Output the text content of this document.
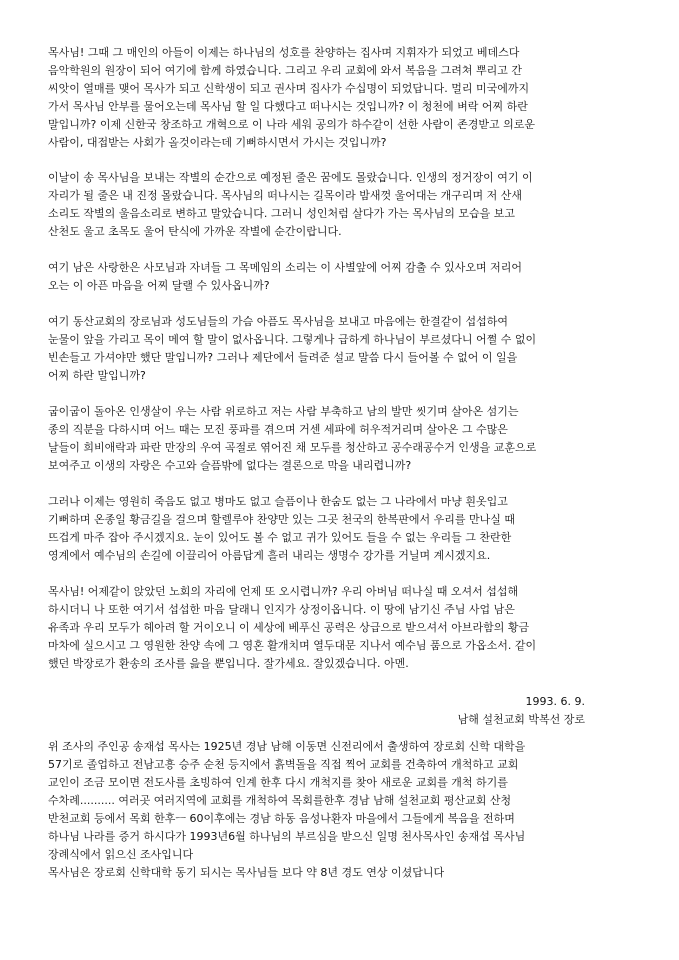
목사님! 그때 그 매인의 아들이 이제는 하나님의 성호를 찬양하는 집사며 지휘자가 되었고 베데스다
음악학원의 원장이 되어 여기에 함께 하였습니다. 그리고 우리 교회에 와서 복음을 그려쳐 뿌리고 간
씨앗이 열매를 맺어 목사가 되고 신학생이 되고 권사며 집사가 수십명이 되었답니다. 멀리 미국에까지
가서 목사님 안부를 물어오는데 목사님 할 일 다했다고 떠나시는 것입니까? 이 청천에 벼락 어찌 하란
말입니까? 이제 신한국 창조하고 개혁으로 이 나라 세워 공의가 하수같이 선한 사람이 존경받고 의로운
사람이, 대접받는 사회가 올것이라는데 기뻐하시면서 가시는 것입니까?
이날이 송 목사님을 보내는 작별의 순간으로 예정된 줄은 꿈에도 몰랐습니다. 인생의 정거장이 여기 이
자리가 될 줄은 내 진정 몰랐습니다. 목사님의 떠나시는 길목이라 밤새껏 울어대는 개구리며 저 산새
소리도 작별의 울음소리로 변하고 말았습니다. 그러니 성인처럼 살다가 가는 목사님의 모습을 보고
산천도 울고 초목도 울어 탄식에 가까운 작별에 순간이랍니다.
여기 남은 사랑한은 사모님과 자녀들 그 목메임의 소리는 이 사별앞에 어찌 감출 수 있사오며 저리어
오는 이 아픈 마음을 어찌 달랠 수 있사옵니까?
여기 동산교회의 장로님과 성도님들의 가슴 아픔도 목사님을 보내고 마음에는 한결같이 섭섭하여
눈물이 앞을 가리고 목이 메여 할 말이 없사옵니다. 그렇게나 급하게 하나님이 부르셨다니 어쩔 수 없이
빈손들고 가셔야만 했단 말입니까? 그러나 제단에서 들려준 설교 말씀 다시 들어볼 수 없어 이 일을
어찌 하란 말입니까?
굽이굽이 돌아온 인생살이 우는 사람 위로하고 저는 사람 부축하고 남의 발만 씻기며 살아온 섬기는
종의 직분을 다하시며 어느 때는 모진 풍파를 겪으며 거센 세파에 허우적거리며 살아온 그 수많은
날들이 희비애락과 파란 만장의 우여 곡절로 엮어진 채 모두를 청산하고 공수래공수거 인생을 교훈으로
보여주고 이생의 자랑은 수고와 슬픔밖에 없다는 결론으로 막을 내리렵니까?
그러나 이제는 영원히 죽음도 없고 병마도 없고 슬픔이나 한숨도 없는 그 나라에서 마냥 흰옷입고
기뻐하며 온종일 황금길을 걸으며 할렐루야 찬양만 있는 그곳 천국의 한복판에서 우리를 만나실 때
뜨겁게 마주 잡아 주시겠지요. 눈이 있어도 볼 수 없고 귀가 있어도 들을 수 없는 우리들 그 찬란한
영계에서 예수님의 손길에 이끌리어 아름답게 흘러 내리는 생명수 강가를 거닐며 계시겠지요.
목사님! 어제같이 앉았던 노회의 자리에 언제 또 오시렵니까? 우리 아버님 떠나실 때 오셔서 섭섭해
하시더니 나 또한 여기서 섭섭한 마음 달래니 인지가 상정이옵니다. 이 땅에 남기신 주님 사업 남은
유족과 우리 모두가 헤아려 할 거이오니 이 세상에 베푸신 공력은 상급으로 받으셔서 아브라함의 황금
마차에 실으시고 그 영원한 찬양 속에 그 영혼 활개치며 열두대문 지나서 예수님 품으로 가옵소서. 같이
했던 박장로가 환송의 조사를 읊을 뿐입니다. 잘가세요. 잘있겠습니다. 아멘.
1993. 6. 9.
남해 설천교회 박복선 장로
위 조사의 주인공 송재섭 목사는 1925년 경남 남해 이동면 신전리에서 출생하여 장로회 신학 대학을
57기로 졸업하고 전남고흥 승주 순천 등지에서 흙벽돌을 직접 찍어 교회를 건축하여 개척하고 교회
교인이 조금 모이면 전도사를 초빙하여 인계 한후 다시 개척지를 찾아 새로운 교회를 개척 하기를
수차례.......... 여러곳 여러지역에 교회를 개척하여 목회를한후 경남 남해 설천교회 평산교회 산청
반천교회 등에서 목회 한후ㅡ 60이후에는 경남 하동 음성나환자 마을에서 그들에게 복음을 전하며
하나님 나라를 증거 하시다가 1993년6월 하나님의 부르심을 받으신 일명 천사목사인 송재섭 목사님
장례식에서 읽으신 조사입니다
목사님은 장로회 신학대학 동기 되시는 목사님들 보다 약 8년 경도 연상 이셨답니다
